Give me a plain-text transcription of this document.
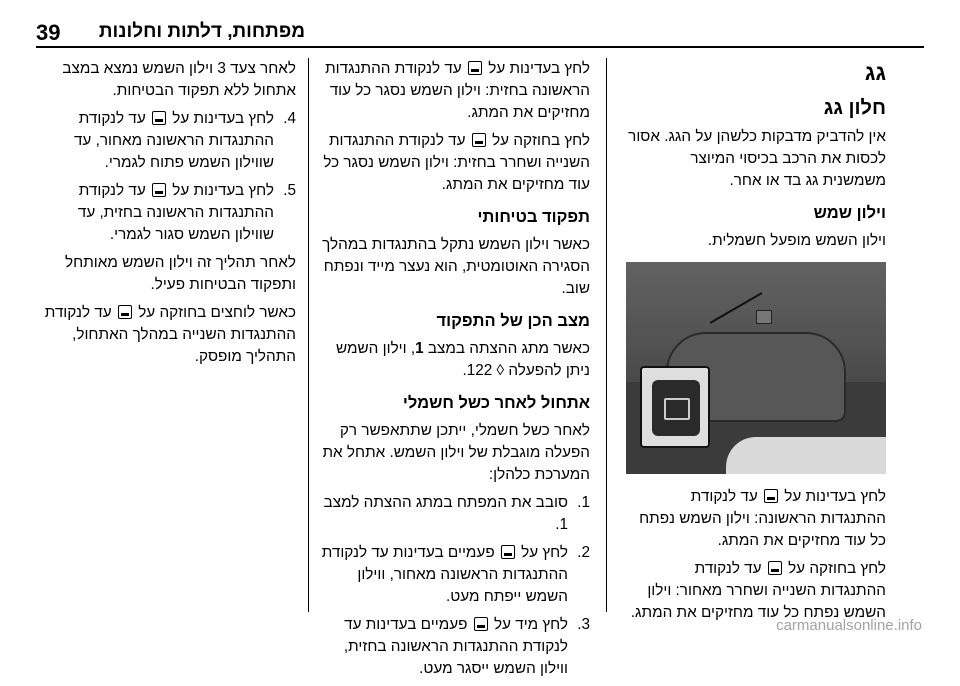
39 מפתחות, דלתות וחלונות
גג
חלון גג
אין להדביק מדבקות כלשהן על הגג. אסור לכסות את הרכב בכיסוי המיוצר משמשנית גג בד או אחר.
וילון שמש
וילון השמש מופעל חשמלית.
לחץ בעדינות על  עד לנקודת ההתנגדות הראשונה: וילון השמש נפתח כל עוד מחזיקים את המתג.
לחץ בחוזקה על  עד לנקודת ההתנגדות השנייה ושחרר מאחור: וילון השמש נפתח כל עוד מחזיקים את המתג.
לחץ בעדינות על  עד לנקודת ההתנגדות הראשונה בחזית: וילון השמש נסגר כל עוד מחזיקים את המתג.
לחץ בחוזקה על  עד לנקודת ההתנגדות השנייה ושחרר בחזית: וילון השמש נסגר כל עוד מחזיקים את המתג.
תפקוד בטיחותי
כאשר וילון השמש נתקל בהתנגדות במהלך הסגירה האוטומטית, הוא נעצר מייד ונפתח שוב.
מצב הכן של התפקוד
כאשר מתג ההצתה במצב 1, וילון השמש ניתן להפעלה ◊ 122.
אתחול לאחר כשל חשמלי
לאחר כשל חשמלי, ייתכן שתתאפשר רק הפעלה מוגבלת של וילון השמש. אתחל את המערכת כלהלן:
1.
סובב את המפתח במתג ההצתה למצב 1.
2.
לחץ על  פעמיים בעדינות עד לנקודת ההתנגדות הראשונה מאחור, ווילון השמש ייפתח מעט.
3.
לחץ מיד על  פעמיים בעדינות עד לנקודת ההתנגדות הראשונה בחזית, ווילון השמש ייסגר מעט.
לאחר צעד 3 וילון השמש נמצא במצב אתחול ללא תפקוד הבטיחות.
4.
לחץ בעדינות על  עד לנקודת ההתנגדות הראשונה מאחור, עד שווילון השמש פתוח לגמרי.
5.
לחץ בעדינות על  עד לנקודת ההתנגדות הראשונה בחזית, עד שווילון השמש סגור לגמרי.
לאחר תהליך זה וילון השמש מאותחל ותפקוד הבטיחות פעיל.
כאשר לוחצים בחוזקה על  עד לנקודת ההתנגדות השנייה במהלך האתחול, התהליך מופסק.
carmanualsonline.info
